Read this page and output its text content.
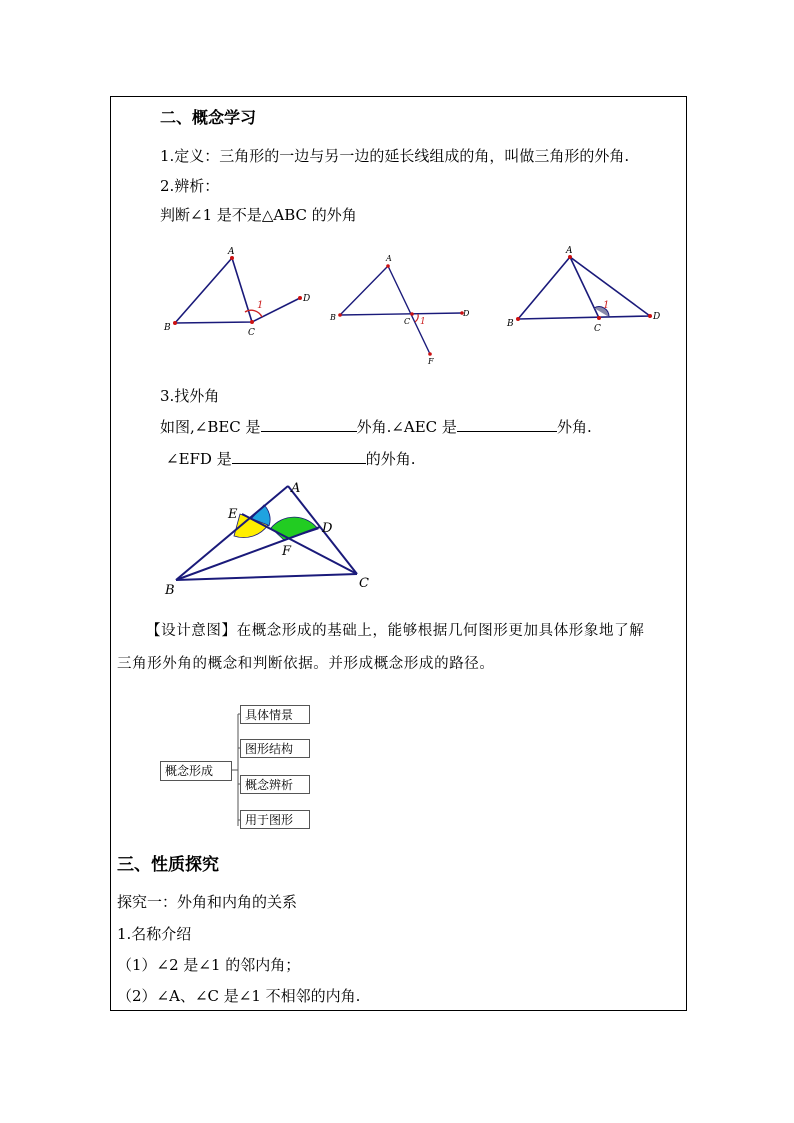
二、概念学习
1.定义：三角形的一边与另一边的延长线组成的角，叫做三角形的外角.
2.辨析：
判断∠1 是不是△ABC 的外角
A
B	C
D
1
A
B	C
D
F
1
A
B	C
D
1
3.找外角
如图,∠BEC 是	外角.∠AEC 是	外角.
∠EFD 是	的外角.
A
E
D
F
B	C
【设计意图】在概念形成的基础上，能够根据几何图形更加具体形象地了解
三角形外角的概念和判断依据。并形成概念形成的路径。
概念形成
具体情景
图形结构
概念辨析
用于图形
三、性质探究
探究一：外角和内角的关系
1.名称介绍
（1）∠2 是∠1 的邻内角；
（2）∠A、∠C 是∠1 不相邻的内角.
